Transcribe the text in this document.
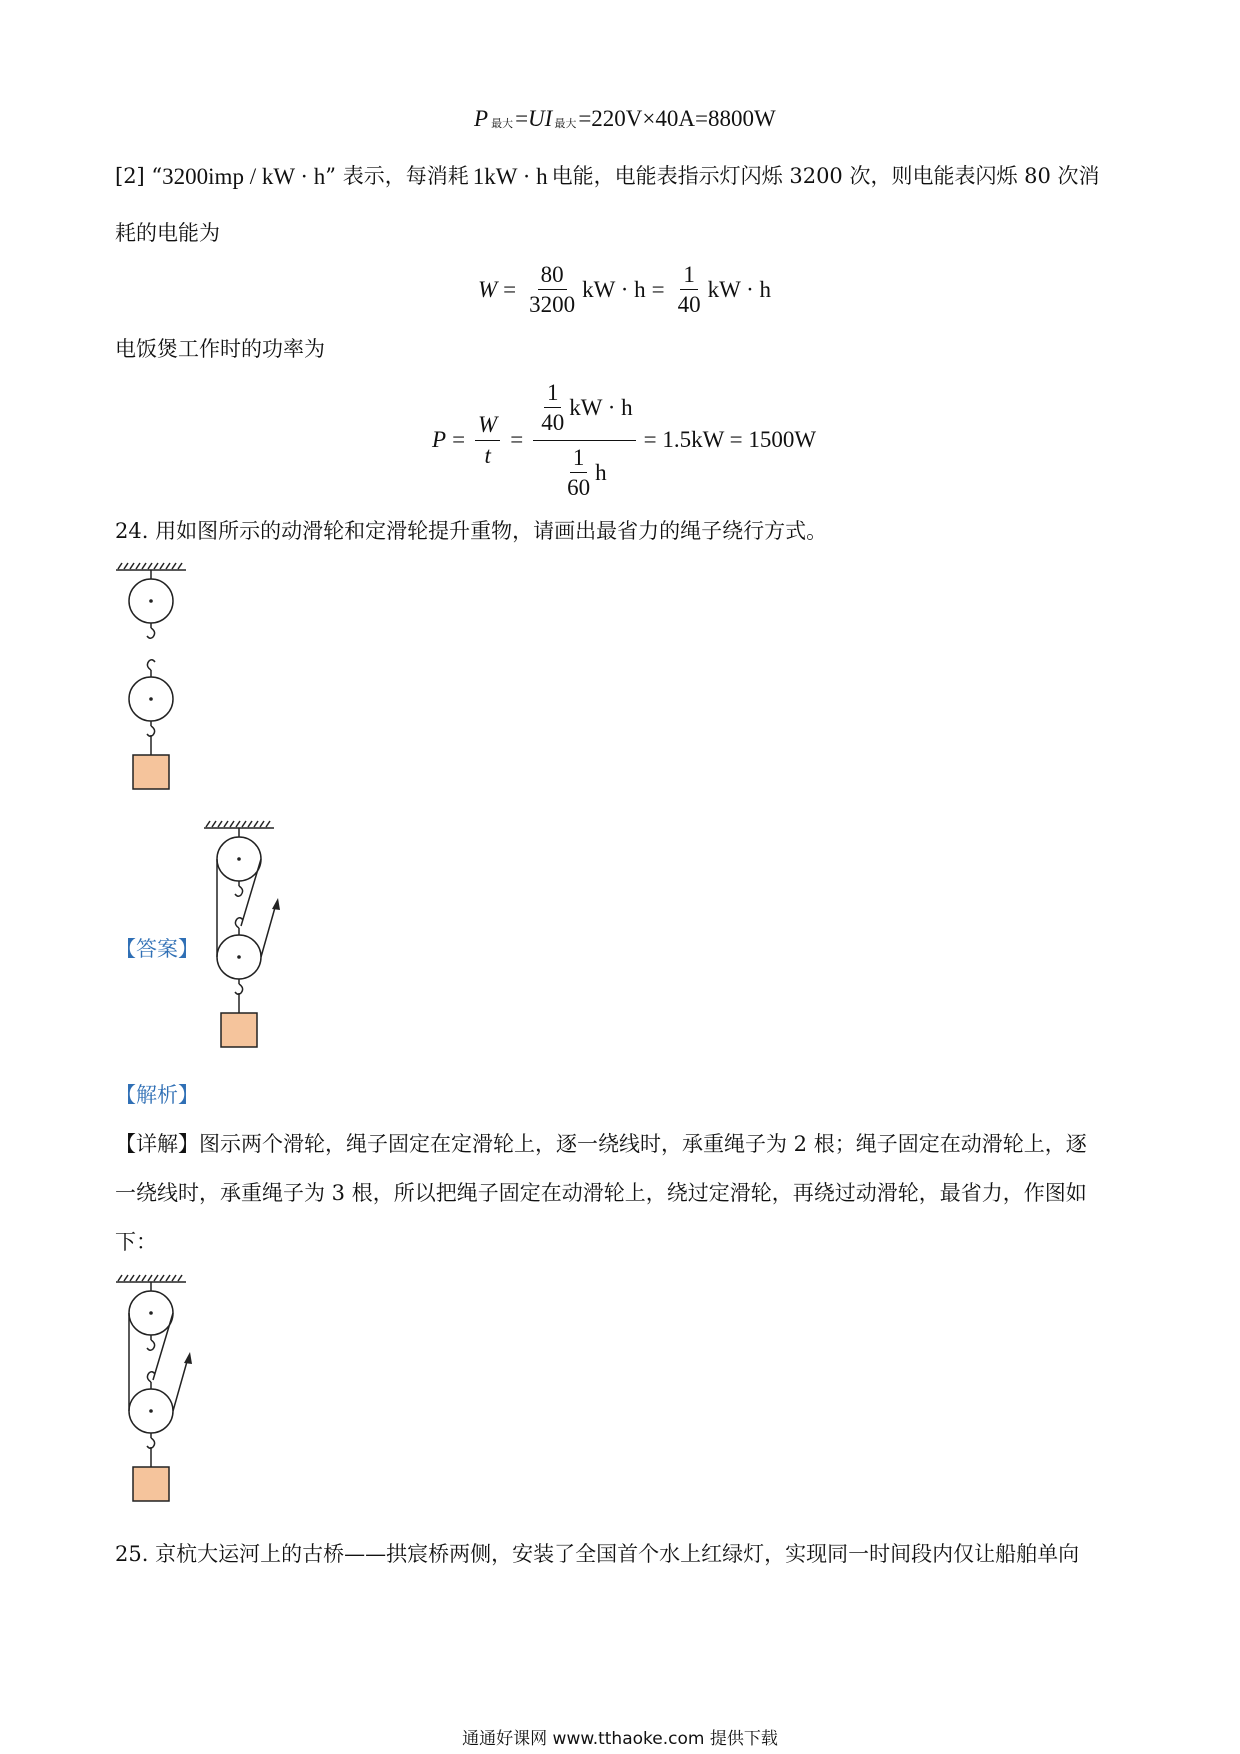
P 最大 = UI 最大 =220V×40A=8800W
[2] “ 3200imp / kW · h ” 表示，每消耗 1kW · h 电能，电能表指示灯闪烁 3200 次，则电能表闪烁 80 次消
耗的电能为
$W = \frac{80}{3200}$ kW · $h = \frac{1}{40}$ kW · h
电饭煲工作时的功率为
$P = \frac{W}{t} = \frac{\frac{1}{40} kW \cdot h}{\frac{1}{60} h} = 1.5kW = 1500W$
24. 用如图所示的动滑轮和定滑轮提升重物，请画出最省力的绳子绕行方式。
【答案】
【解析】
【详解】 图示两个滑轮，绳子固定在定滑轮上，逐一绕线时，承重绳子为 2 根；绳子固定在动滑轮上，逐
一绕线时，承重绳子为 3 根，所以把绳子固定在动滑轮上，绕过定滑轮，再绕过动滑轮，最省力，作图如
下：
25. 京杭大运河上的古桥——拱宸桥两侧，安装了全国首个水上红绿灯，实现同一时间段内仅让船舶单向
通通好课网 www.tthaoke.com 提供下载
